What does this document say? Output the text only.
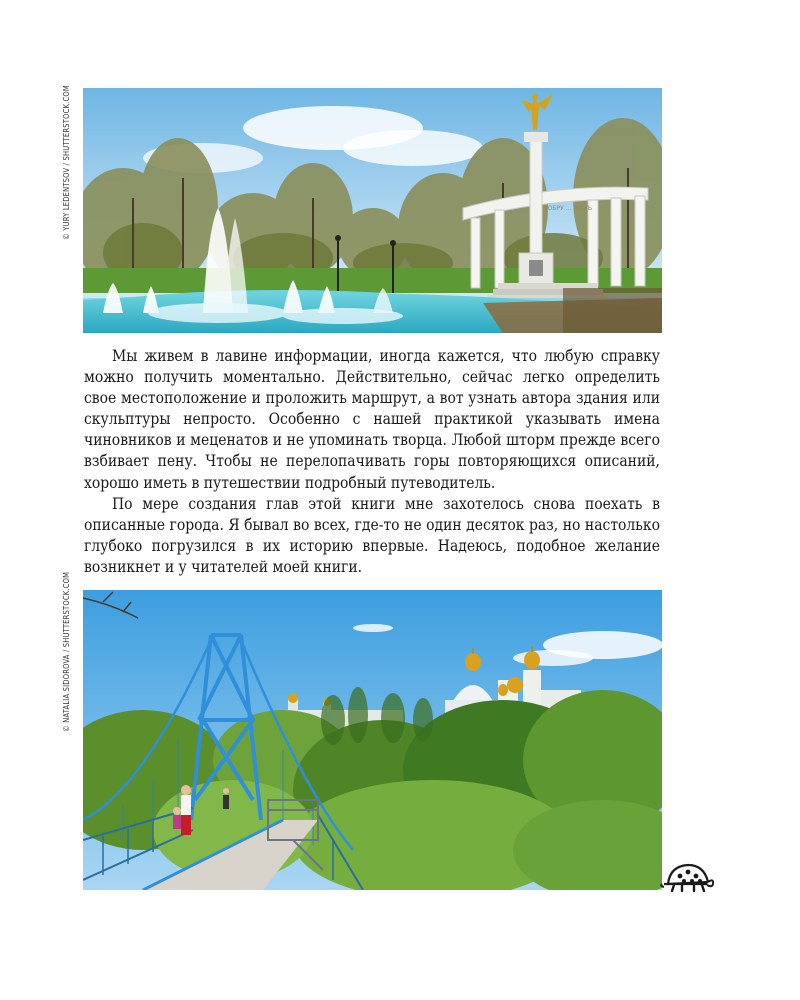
ДОБРУ ... ЖИТЬ
© YURY LEDENTSOV / SHUTTERSTOCK.COM

Мы живем в лавине информации, иногда кажется, что любую справку можно получить моментально. Действительно, сейчас легко определить свое местоположение и проложить маршрут, а вот узнать автора здания или скульптуры непросто. Особенно с нашей практикой указывать имена чиновников и меценатов и не упоминать творца. Любой шторм прежде всего взбивает пену. Чтобы не перелопачивать горы повторяющихся описаний, хорошо иметь в путешествии подробный путеводитель.

По мере создания глав этой книги мне захотелось снова поехать в описанные города. Я бывал во всех, где-то не один десяток раз, но настолько глубоко погрузился в их историю впервые. Надеюсь, подобное желание возникнет и у читателей моей книги.

© NATALIA SIDOROVA / SHUTTERSTOCK.COM
